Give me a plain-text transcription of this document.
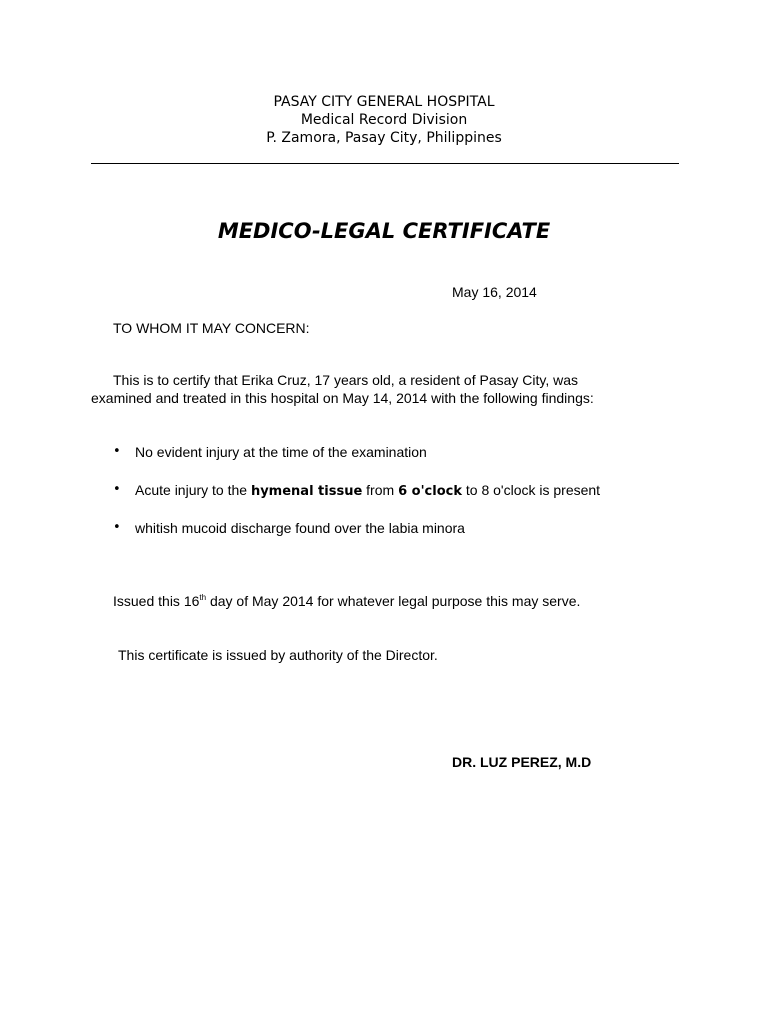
PASAY CITY GENERAL HOSPITAL
Medical Record Division
P. Zamora, Pasay City, Philippines
MEDICO-LEGAL CERTIFICATE
May 16, 2014
TO WHOM IT MAY CONCERN:
This is to certify that Erika Cruz, 17 years old, a resident of Pasay City, was
examined and treated in this hospital on May 14, 2014 with the following findings:
• No evident injury at the time of the examination
• Acute injury to the hymenal tissue from 6 o'clock to 8 o'clock is present
• whitish mucoid discharge found over the labia minora
Issued this 16th day of May 2014 for whatever legal purpose this may serve.
This certificate is issued by authority of the Director.
DR. LUZ PEREZ, M.D
